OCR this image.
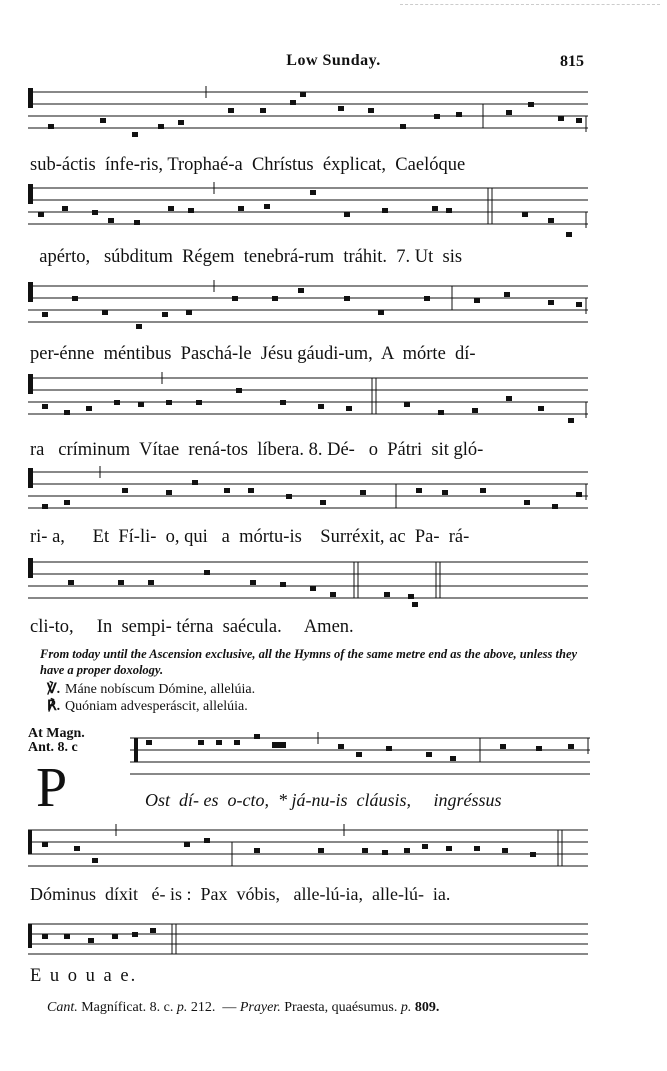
Low Sunday.	815
sub-áctis  ínfe-ris, Trophaé-a  Chrístus  éxplicat,  Caelóque
apérto,   súbditum  Régem  tenebrá-rum  tráhit.  7. Ut  sis
per-énne  méntibus  Paschá-le  Jésu gáudi-um,  A  mórte  dí-
ra   críminum  Vítae  rená-tos  líbera. 8. Dé-   o  Pátri  sit gló-
ri- a,      Et  Fí-li-  o, qui   a  mórtu-is    Surréxit, ac  Pa-  rá-
cli-to,     In  sempi- térna  saécula.     Amen.
From today until the Ascension exclusive, all the Hymns of the same metre end as the above, unless they have a proper doxology.
℣. Máne nobíscum Dómine, allelúia.
℟. Quóniam advesperáscit, allelúia.
At Magn.
Ant. 8. c
P	Ost  dí- es  o-cto,  * já-nu-is  cláusis,     ingréssus
Dóminus  díxit   é- is :  Pax  vóbis,   alle-lú-ia,  alle-lú-  ia.
E u o u a e.
Cant. Magníficat. 8. c. p. 212.  — Prayer. Praesta, quaésumus. p. 809.
